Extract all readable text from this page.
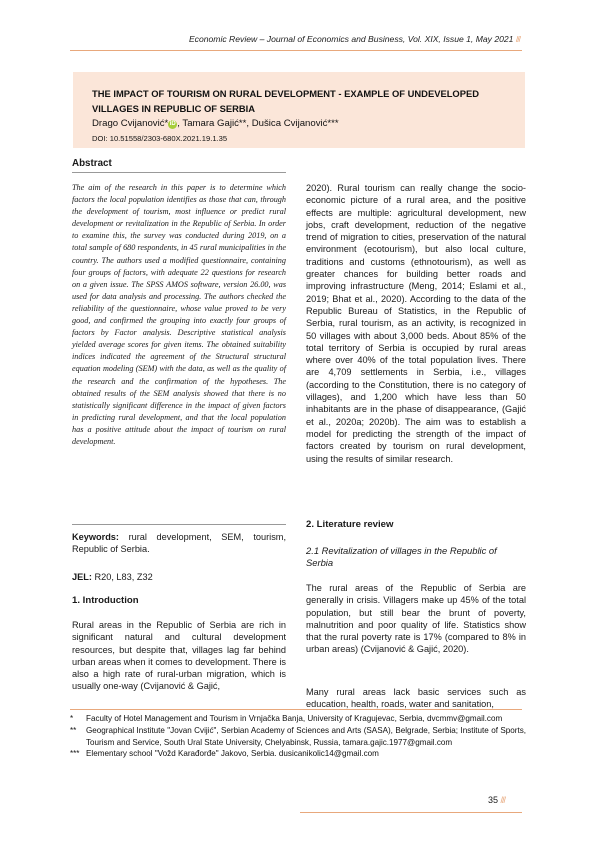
Economic Review – Journal of Economics and Business, Vol. XIX, Issue 1, May 2021 ///
THE IMPACT OF TOURISM ON RURAL DEVELOPMENT - EXAMPLE OF UNDEVELOPED VILLAGES IN REPUBLIC OF SERBIA
Drago Cvijanović* iD , Tamara Gajić**, Dušica Cvijanović***
DOI: 10.51558/2303-680X.2021.19.1.35
Abstract

The aim of the research in this paper is to determine which factors the local population identifies as those that can, through the development of tourism, most influence or predict rural development or revitalization in the Republic of Serbia. In order to examine this, the survey was conducted during 2019, on a total sample of 680 respondents, in 45 rural municipalities in the country. The authors used a modified questionnaire, containing four groups of factors, with adequate 22 questions for research on a given issue. The SPSS AMOS software, version 26.00, was used for data analysis and processing. The authors checked the reliability of the questionnaire, whose value proved to be very good, and confirmed the grouping into exactly four groups of factors by Factor analysis. Descriptive statistical analysis yielded average scores for given items. The obtained suitability indices indicated the agreement of the Structural structural equation modeling (SEM) with the data, as well as the quality of the research and the confirmation of the hypotheses. The obtained results of the SEM analysis showed that there is no statistically significant difference in the impact of given factors in predicting rural development, and that the local population has a positive attitude about the impact of tourism on rural development.

Keywords: rural development, SEM, tourism, Republic of Serbia.

JEL: R20, L83, Z32

1. Introduction

Rural areas in the Republic of Serbia are rich in significant natural and cultural development resources, but despite that, villages lag far behind urban areas when it comes to development. There is also a high rate of rural-urban migration, which is usually one-way (Cvijanović & Gajić,

2020). Rural tourism can really change the socio-economic picture of a rural area, and the positive effects are multiple: agricultural development, new jobs, craft development, reduction of the negative trend of migration to cities, preservation of the natural environment (ecotourism), but also local culture, traditions and customs (ethnotourism), as well as greater chances for building better roads and improving infrastructure (Meng, 2014; Eslami et al., 2019; Bhat et al., 2020). According to the data of the Republic Bureau of Statistics, in the Republic of Serbia, rural tourism, as an activity, is recognized in 50 villages with about 3,000 beds. About 85% of the total territory of Serbia is occupied by rural areas where over 40% of the total population lives. There are 4,709 settlements in Serbia, i.e., villages (according to the Constitution, there is no category of villages), and 1,200 which have less than 50 inhabitants are in the phase of disappearance, (Gajić et al., 2020a; 2020b). The aim was to establish a model for predicting the strength of the impact of factors created by tourism on rural development, using the results of similar research.

2. Literature review

2.1 Revitalization of villages in the Republic of Serbia

The rural areas of the Republic of Serbia are generally in crisis. Villagers make up 45% of the total population, but still bear the brunt of poverty, malnutrition and poor quality of life. Statistics show that the rural poverty rate is 17% (compared to 8% in urban areas) (Cvijanović & Gajić, 2020).

Many rural areas lack basic services such as education, health, roads, water and sanitation,

*	Faculty of Hotel Management and Tourism in Vrnjačka Banja, University of Kragujevac, Serbia, dvcmmv@gmail.com
**	Geographical Institute "Jovan Cvijić", Serbian Academy of Sciences and Arts (SASA), Belgrade, Serbia; Institute of Sports, Tourism and Service, South Ural State University, Chelyabinsk, Russia, tamara.gajic.1977@gmail.com
*** Elementary school "Vožd Karađorđe" Jakovo, Serbia. dusicanikolic14@gmail.com
35 ///
